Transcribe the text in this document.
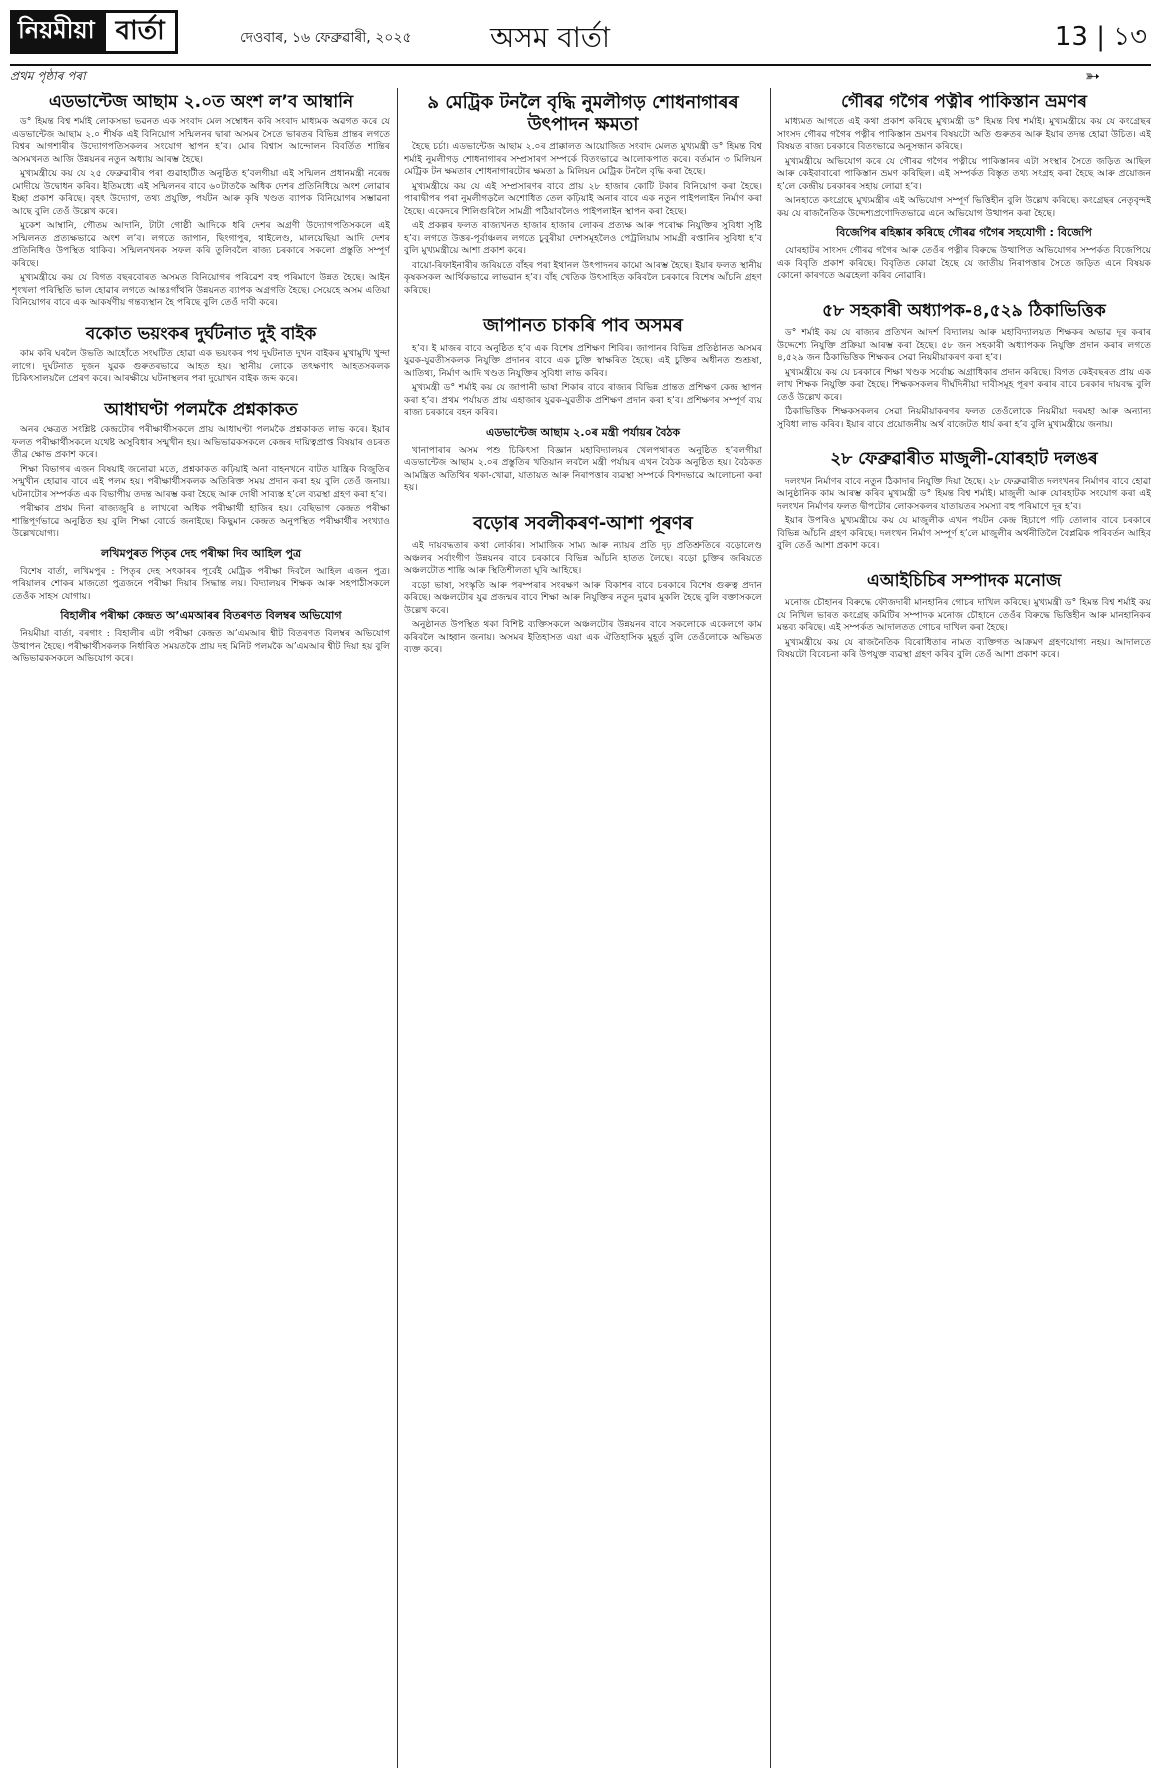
নিয়মীয়া বাৰ্তা	দেওবাৰ, ১৬ ফেব্ৰুৱাৰী, ২০২৫	অসম বাৰ্তা	13 | ১৩
প্ৰথম পৃষ্ঠাৰ পৰা	➳
এডভান্টেজ আছাম ২.০ত অংশ ল’ব আম্বানি

ড° হিমন্ত বিশ্ব শৰ্মাই লোকসভা ভৱনত এক সংবাদ মেল সম্বোধন কৰি সংবাদ মাধ্যমক অৱগত কৰে যে এডভান্টেজ আছাম ২.০ শীৰ্ষক এই বিনিয়োগ সন্মিলনৰ দ্বাৰা অসমৰ সৈতে ভাৰতৰ বিভিন্ন প্ৰান্তৰ লগতে বিশ্বৰ আগশাৰীৰ উদ্যোগপতিসকলৰ সংযোগ স্থাপন হ’ব। মোৰ বিশ্বাস আন্দোলন বিবৰ্তিত শান্তিৰ অসমখনত আজি উন্নয়নৰ নতুন অধ্যায় আৰম্ভ হৈছে।

মুখ্যমন্ত্ৰীয়ে কয় যে ২৫ ফেব্ৰুৱাৰীৰ পৰা গুৱাহাটীত অনুষ্ঠিত হ’বলগীয়া এই সন্মিলন প্ৰধানমন্ত্ৰী নৰেন্দ্ৰ মোদীয়ে উদ্বোধন কৰিব। ইতিমধ্যে এই সন্মিলনৰ বাবে ৬০টাতকৈ অধিক দেশৰ প্ৰতিনিধিয়ে অংশ লোৱাৰ ইচ্ছা প্ৰকাশ কৰিছে। বৃহৎ উদ্যোগ, তথ্য প্ৰযুক্তি, পৰ্যটন আৰু কৃষি খণ্ডত ব্যাপক বিনিয়োগৰ সম্ভাৱনা আছে বুলি তেওঁ উল্লেখ কৰে।

মুকেশ আম্বানি, গৌতম আদানি, টাটা গোষ্ঠী আদিকে ধৰি দেশৰ অগ্ৰণী উদ্যোগপতিসকলে এই সন্মিলনত প্ৰত্যক্ষভাৱে অংশ ল’ব। লগতে জাপান, ছিংগাপুৰ, থাইলেণ্ড, মালয়েছিয়া আদি দেশৰ প্ৰতিনিধিও উপস্থিত থাকিব। সন্মিলনখনক সফল কৰি তুলিবলৈ ৰাজ্য চৰকাৰে সকলো প্ৰস্তুতি সম্পূৰ্ণ কৰিছে।

মুখ্যমন্ত্ৰীয়ে কয় যে বিগত বছৰবোৰত অসমত বিনিয়োগৰ পৰিৱেশ বহু পৰিমাণে উন্নত হৈছে। আইন শৃংখলা পৰিস্থিতি ভাল হোৱাৰ লগতে আন্তঃগাঁথনি উন্নয়নত ব্যাপক অগ্ৰগতি হৈছে। সেয়েহে অসম এতিয়া বিনিয়োগৰ বাবে এক আকৰ্ষণীয় গন্তব্যস্থান হৈ পৰিছে বুলি তেওঁ দাবী কৰে।

বকোত ভয়ংকৰ দুৰ্ঘটনাত দুই বাইক

কাম কৰি ঘৰলৈ উভতি আহোঁতে সংঘটিত হোৱা এক ভয়ংকৰ পথ দুৰ্ঘটনাত দুখন বাইকৰ মুখামুখি খুন্দা লাগে। দুৰ্ঘটনাত দুজন যুৱক গুৰুতৰভাৱে আহত হয়। স্থানীয় লোকে তৎক্ষণাৎ আহতসকলক চিকিৎসালয়লৈ প্ৰেৰণ কৰে। আৰক্ষীয়ে ঘটনাস্থলৰ পৰা দুয়োখন বাইক জব্দ কৰে।

আধাঘণ্টা পলমকৈ প্ৰশ্নকাকত

অনৰ ক্ষেত্ৰত সংশ্লিষ্ট কেন্দ্ৰটোৰ পৰীক্ষাৰ্থীসকলে প্ৰায় আধাঘণ্টা পলমকৈ প্ৰশ্নকাকত লাভ কৰে। ইয়াৰ ফলত পৰীক্ষাৰ্থীসকলে যথেষ্ট অসুবিধাৰ সন্মুখীন হয়। অভিভাৱকসকলে কেন্দ্ৰৰ দায়িত্বপ্ৰাপ্ত বিষয়াৰ ওচৰত তীব্ৰ ক্ষোভ প্ৰকাশ কৰে।

শিক্ষা বিভাগৰ এজন বিষয়াই জনোৱা মতে, প্ৰশ্নকাকত কঢ়িয়াই অনা বাহনখনে বাটত যান্ত্ৰিক বিজুতিৰ সন্মুখীন হোৱাৰ বাবে এই পলম হয়। পৰীক্ষাৰ্থীসকলক অতিৰিক্ত সময় প্ৰদান কৰা হয় বুলি তেওঁ জনায়। ঘটনাটোৰ সম্পৰ্কত এক বিভাগীয় তদন্ত আৰম্ভ কৰা হৈছে আৰু দোষী সাব্যস্ত হ’লে ব্যৱস্থা গ্ৰহণ কৰা হ’ব।

পৰীক্ষাৰ প্ৰথম দিনা ৰাজ্যজুৰি ৪ লাখৰো অধিক পৰীক্ষাৰ্থী হাজিৰ হয়। বেছিভাগ কেন্দ্ৰত পৰীক্ষা শান্তিপূৰ্ণভাৱে অনুষ্ঠিত হয় বুলি শিক্ষা বোৰ্ডে জনাইছে। কিছুমান কেন্দ্ৰত অনুপস্থিত পৰীক্ষাৰ্থীৰ সংখ্যাও উল্লেখযোগ্য।

লখিমপুৰত পিতৃৰ দেহ পৰীক্ষা দিব আহিল পুত্ৰ

বিশেষ বাৰ্তা, লখিমপুৰ : পিতৃৰ দেহ সৎকাৰৰ পূৰ্বেই মেট্ৰিক পৰীক্ষা দিবলৈ আহিল এজন পুত্ৰ। পৰিয়ালৰ শোকৰ মাজতো পুত্ৰজনে পৰীক্ষা দিয়াৰ সিদ্ধান্ত লয়। বিদ্যালয়ৰ শিক্ষক আৰু সহপাঠীসকলে তেওঁক সাহস যোগায়।

বিহালীৰ পৰীক্ষা কেন্দ্ৰত অ’এমআৰৰ বিতৰণত বিলম্বৰ অভিযোগ

নিয়মীয়া বাৰ্তা, বৰগাং : বিহালীৰ এটা পৰীক্ষা কেন্দ্ৰত অ’এমআৰ শ্বীট বিতৰণত বিলম্বৰ অভিযোগ উত্থাপন হৈছে। পৰীক্ষাৰ্থীসকলক নিৰ্ধাৰিত সময়তকৈ প্ৰায় দহ মিনিট পলমকৈ অ’এমআৰ শ্বীট দিয়া হয় বুলি অভিভাৱকসকলে অভিযোগ কৰে।

৯ মেট্ৰিক টনলৈ বৃদ্ধি নুমলীগড় শোধনাগাৰৰ উৎপাদন ক্ষমতা

হৈছে চৰ্চা। এডভান্টেজ আছাম ২.০ৰ প্ৰাক্কালত আয়োজিত সংবাদ মেলত মুখ্যমন্ত্ৰী ড° হিমন্ত বিশ্ব শৰ্মাই নুমলীগড় শোধনাগাৰৰ সম্প্ৰসাৰণ সম্পৰ্কে বিতংভাৱে আলোকপাত কৰে। বৰ্তমান ৩ মিলিয়ন মেট্ৰিক টন ক্ষমতাৰ শোধনাগাৰটোৰ ক্ষমতা ৯ মিলিয়ন মেট্ৰিক টনলৈ বৃদ্ধি কৰা হৈছে।

মুখ্যমন্ত্ৰীয়ে কয় যে এই সম্প্ৰসাৰণৰ বাবে প্ৰায় ২৮ হাজাৰ কোটি টকাৰ বিনিয়োগ কৰা হৈছে। পাৰাদ্বীপৰ পৰা নুমলীগড়লৈ অশোধিত তেল কঢ়িয়াই অনাৰ বাবে এক নতুন পাইপলাইন নিৰ্মাণ কৰা হৈছে। একেদৰে শিলিগুৰিলৈ সামগ্ৰী পঠিয়াবলৈও পাইপলাইন স্থাপন কৰা হৈছে।

এই প্ৰকল্পৰ ফলত ৰাজ্যখনত হাজাৰ হাজাৰ লোকৰ প্ৰত্যক্ষ আৰু পৰোক্ষ নিযুক্তিৰ সুবিধা সৃষ্টি হ’ব। লগতে উত্তৰ-পূৰ্বাঞ্চলৰ লগতে চুবুৰীয়া দেশসমূহলৈও পেট্ৰলিয়াম সামগ্ৰী ৰপ্তানিৰ সুবিধা হ’ব বুলি মুখ্যমন্ত্ৰীয়ে আশা প্ৰকাশ কৰে।

বায়ো-ৰিফাইনাৰীৰ জৰিয়তে বাঁহৰ পৰা ইথানল উৎপাদনৰ কামো আৰম্ভ হৈছে। ইয়াৰ ফলত স্থানীয় কৃষকসকল আৰ্থিকভাৱে লাভৱান হ’ব। বাঁহ খেতিক উৎসাহিত কৰিবলৈ চৰকাৰে বিশেষ আঁচনি গ্ৰহণ কৰিছে।

জাপানত চাকৰি পাব অসমৰ

হ’ব। ই মাজৰ বাবে অনুষ্ঠিত হ’ব এক বিশেষ প্ৰশিক্ষণ শিবিৰ। জাপানৰ বিভিন্ন প্ৰতিষ্ঠানত অসমৰ যুৱক-যুৱতীসকলক নিযুক্তি প্ৰদানৰ বাবে এক চুক্তি স্বাক্ষৰিত হৈছে। এই চুক্তিৰ অধীনত শুশ্ৰূষা, আতিথ্য, নিৰ্মাণ আদি খণ্ডত নিযুক্তিৰ সুবিধা লাভ কৰিব।

মুখ্যমন্ত্ৰী ড° শৰ্মাই কয় যে জাপানী ভাষা শিকাৰ বাবে ৰাজ্যৰ বিভিন্ন প্ৰান্তত প্ৰশিক্ষণ কেন্দ্ৰ স্থাপন কৰা হ’ব। প্ৰথম পৰ্যায়ত প্ৰায় এহাজাৰ যুৱক-যুৱতীক প্ৰশিক্ষণ প্ৰদান কৰা হ’ব। প্ৰশিক্ষণৰ সম্পূৰ্ণ ব্যয় ৰাজ্য চৰকাৰে বহন কৰিব।

এডভান্টেজ আছাম ২.০ৰ মন্ত্ৰী পৰ্যায়ৰ বৈঠক

খানাপাৰাৰ অসম পশু চিকিৎসা বিজ্ঞান মহাবিদ্যালয়ৰ খেলপথাৰত অনুষ্ঠিত হ’বলগীয়া এডভান্টেজ আছাম ২.০ৰ প্ৰস্তুতিৰ খতিয়ান লবলৈ মন্ত্ৰী পৰ্যায়ৰ এখন বৈঠক অনুষ্ঠিত হয়। বৈঠকত আমন্ত্ৰিত অতিথিৰ থকা-খোৱা, যাতায়ত আৰু নিৰাপত্তাৰ ব্যৱস্থা সম্পৰ্কে বিশদভাৱে আলোচনা কৰা হয়।

বড়োৰ সবলীকৰণ-আশা পূৰণৰ

এই দায়বদ্ধতাৰ কথা লোৰ্কাৰ। সামাজিক সাম্য আৰু ন্যায়ৰ প্ৰতি দৃঢ় প্ৰতিশ্ৰুতিৰে বড়োলেণ্ড অঞ্চলৰ সৰ্বাংগীণ উন্নয়নৰ বাবে চৰকাৰে বিভিন্ন আঁচনি হাতত লৈছে। বড়ো চুক্তিৰ জৰিয়তে অঞ্চলটোত শান্তি আৰু স্থিতিশীলতা ঘূৰি আহিছে।

বড়ো ভাষা, সংস্কৃতি আৰু পৰম্পৰাৰ সংৰক্ষণ আৰু বিকাশৰ বাবে চৰকাৰে বিশেষ গুৰুত্ব প্ৰদান কৰিছে। অঞ্চলটোৰ যুৱ প্ৰজন্মৰ বাবে শিক্ষা আৰু নিযুক্তিৰ নতুন দুৱাৰ মুকলি হৈছে বুলি বক্তাসকলে উল্লেখ কৰে।

অনুষ্ঠানত উপস্থিত থকা বিশিষ্ট ব্যক্তিসকলে অঞ্চলটোৰ উন্নয়নৰ বাবে সকলোকে একেলগে কাম কৰিবলৈ আহ্বান জনায়। অসমৰ ইতিহাসত এয়া এক ঐতিহাসিক মুহূৰ্ত বুলি তেওঁলোকে অভিমত ব্যক্ত কৰে।

গৌৰৱ গগৈৰ পত্নীৰ পাকিস্তান ভ্ৰমণৰ

মাধ্যমত আগতে এই কথা প্ৰকাশ কৰিছে মুখ্যমন্ত্ৰী ড° হিমন্ত বিশ্ব শৰ্মাই। মুখ্যমন্ত্ৰীয়ে কয় যে কংগ্ৰেছৰ সাংসদ গৌৰৱ গগৈৰ পত্নীৰ পাকিস্তান ভ্ৰমণৰ বিষয়টো অতি গুৰুতৰ আৰু ইয়াৰ তদন্ত হোৱা উচিত। এই বিষয়ত ৰাজ্য চৰকাৰে বিতংভাৱে অনুসন্ধান কৰিছে।

মুখ্যমন্ত্ৰীয়ে অভিযোগ কৰে যে গৌৰৱ গগৈৰ পত্নীয়ে পাকিস্তানৰ এটা সংস্থাৰ সৈতে জড়িত আছিল আৰু কেইবাবাৰো পাকিস্তান ভ্ৰমণ কৰিছিল। এই সম্পৰ্কত বিস্তৃত তথ্য সংগ্ৰহ কৰা হৈছে আৰু প্ৰয়োজন হ’লে কেন্দ্ৰীয় চৰকাৰৰ সহায় লোৱা হ’ব।

আনহাতে কংগ্ৰেছে মুখ্যমন্ত্ৰীৰ এই অভিযোগ সম্পূৰ্ণ ভিত্তিহীন বুলি উল্লেখ কৰিছে। কংগ্ৰেছৰ নেতৃবৃন্দই কয় যে ৰাজনৈতিক উদ্দেশ্যপ্ৰণোদিতভাৱে এনে অভিযোগ উত্থাপন কৰা হৈছে।

বিজেপিৰ ৰহিষ্কাৰ কৰিছে গৌৰৱ গগৈৰ সহযোগী : বিজেপি

যোৰহাটৰ সাংসদ গৌৰৱ গগৈৰ আৰু তেওঁৰ পত্নীৰ বিৰুদ্ধে উত্থাপিত অভিযোগৰ সম্পৰ্কত বিজেপিয়ে এক বিবৃতি প্ৰকাশ কৰিছে। বিবৃতিত কোৱা হৈছে যে জাতীয় নিৰাপত্তাৰ সৈতে জড়িত এনে বিষয়ক কোনো কাৰণতে অৱহেলা কৰিব নোৱাৰি।

৫৮ সহকাৰী অধ্যাপক-৪,৫২৯ ঠিকাভিত্তিক

ড° শৰ্মাই কয় যে ৰাজ্যৰ প্ৰতিখন আদৰ্শ বিদ্যালয় আৰু মহাবিদ্যালয়ত শিক্ষকৰ অভাৱ দূৰ কৰাৰ উদ্দেশ্যে নিযুক্তি প্ৰক্ৰিয়া আৰম্ভ কৰা হৈছে। ৫৮ জন সহকাৰী অধ্যাপকক নিযুক্তি প্ৰদান কৰাৰ লগতে ৪,৫২৯ জন ঠিকাভিত্তিক শিক্ষকৰ সেৱা নিয়মীয়াকৰণ কৰা হ’ব।

মুখ্যমন্ত্ৰীয়ে কয় যে চৰকাৰে শিক্ষা খণ্ডক সৰ্বোচ্চ অগ্ৰাধিকাৰ প্ৰদান কৰিছে। বিগত কেইবছৰত প্ৰায় এক লাখ শিক্ষক নিযুক্তি কৰা হৈছে। শিক্ষকসকলৰ দীৰ্ঘদিনীয়া দাবীসমূহ পূৰণ কৰাৰ বাবে চৰকাৰ দায়বদ্ধ বুলি তেওঁ উল্লেখ কৰে।

ঠিকাভিত্তিক শিক্ষকসকলৰ সেৱা নিয়মীয়াকৰণৰ ফলত তেওঁলোকে নিয়মীয়া দৰমহা আৰু অন্যান্য সুবিধা লাভ কৰিব। ইয়াৰ বাবে প্ৰয়োজনীয় অৰ্থ বাজেটত ধাৰ্য কৰা হ’ব বুলি মুখ্যমন্ত্ৰীয়ে জনায়।

২৮ ফেব্ৰুৱাৰীত মাজুলী-যোৰহাট দলঙৰ

দলংখন নিৰ্মাণৰ বাবে নতুন ঠিকাদাৰ নিযুক্তি দিয়া হৈছে। ২৮ ফেব্ৰুৱাৰীত দলংখনৰ নিৰ্মাণৰ বাবে হোৱা আনুষ্ঠানিক কাম আৰম্ভ কৰিব মুখ্যমন্ত্ৰী ড° হিমন্ত বিশ্ব শৰ্মাই। মাজুলী আৰু যোৰহাটক সংযোগ কৰা এই দলংখন নিৰ্মাণৰ ফলত দ্বীপটোৰ লোকসকলৰ যাতায়তৰ সমস্যা বহু পৰিমাণে দূৰ হ’ব।

ইয়াৰ উপৰিও মুখ্যমন্ত্ৰীয়ে কয় যে মাজুলীক এখন পৰ্যটন কেন্দ্ৰ হিচাপে গঢ়ি তোলাৰ বাবে চৰকাৰে বিভিন্ন আঁচনি গ্ৰহণ কৰিছে। দলংখন নিৰ্মাণ সম্পূৰ্ণ হ’লে মাজুলীৰ অৰ্থনীতিলৈ বৈপ্লৱিক পৰিবৰ্তন আহিব বুলি তেওঁ আশা প্ৰকাশ কৰে।

এআইচিচিৰ সম্পাদক মনোজ

মনোজ চৌহানৰ বিৰুদ্ধে ফৌজদাৰী মানহানিৰ গোচৰ দাখিল কৰিছে। মুখ্যমন্ত্ৰী ড° হিমন্ত বিশ্ব শৰ্মাই কয় যে নিখিল ভাৰত কংগ্ৰেছ কমিটিৰ সম্পাদক মনোজ চৌহানে তেওঁৰ বিৰুদ্ধে ভিত্তিহীন আৰু মানহানিকৰ মন্তব্য কৰিছে। এই সম্পৰ্কত আদালতত গোচৰ দাখিল কৰা হৈছে।

মুখ্যমন্ত্ৰীয়ে কয় যে ৰাজনৈতিক বিৰোধিতাৰ নামত ব্যক্তিগত আক্ৰমণ গ্ৰহণযোগ্য নহয়। আদালতে বিষয়টো বিবেচনা কৰি উপযুক্ত ব্যৱস্থা গ্ৰহণ কৰিব বুলি তেওঁ আশা প্ৰকাশ কৰে।
